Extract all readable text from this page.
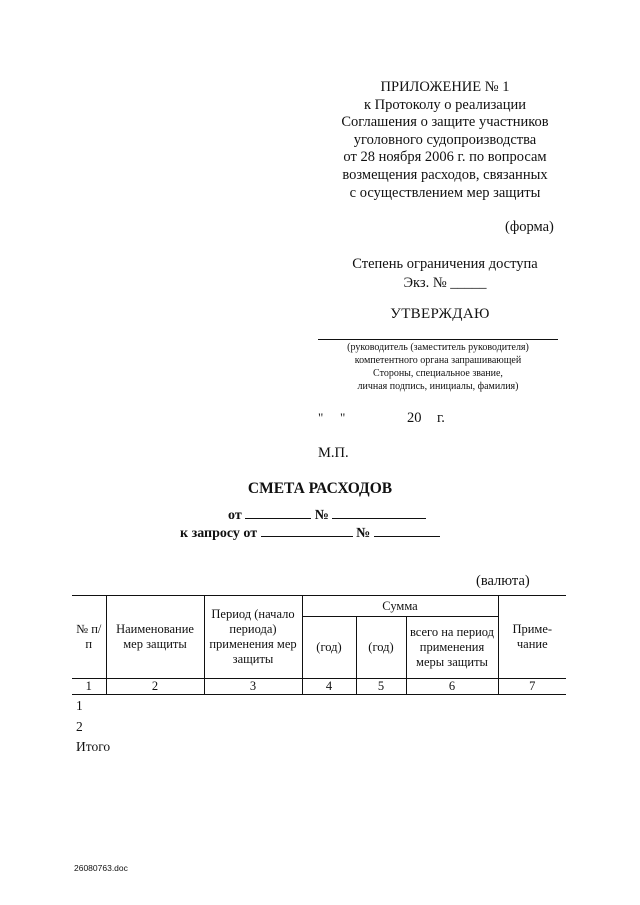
ПРИЛОЖЕНИЕ № 1
к Протоколу о реализации
Соглашения о защите участников
уголовного судопроизводства
от 28 ноября 2006 г. по вопросам
возмещения расходов, связанных
с осуществлением мер защиты
(форма)
Степень ограничения доступа
Экз. № _____
УТВЕРЖДАЮ
(руководитель (заместитель руководителя)
компетентного органа запрашивающей
Стороны, специальное звание,
личная подпись, инициалы, фамилия)
" "	20 г.
М.П.
СМЕТА РАСХОДОВ
от	№
к запросу от	№
(валюта)
№ п/п	Наименование мер защиты	Период (начало периода) применения мер защиты	Сумма			Приме-чание
			(год)	(год)	всего на период применения меры защиты	
1	2	3	4	5	6	7
1
2
Итого
26080763.doc
